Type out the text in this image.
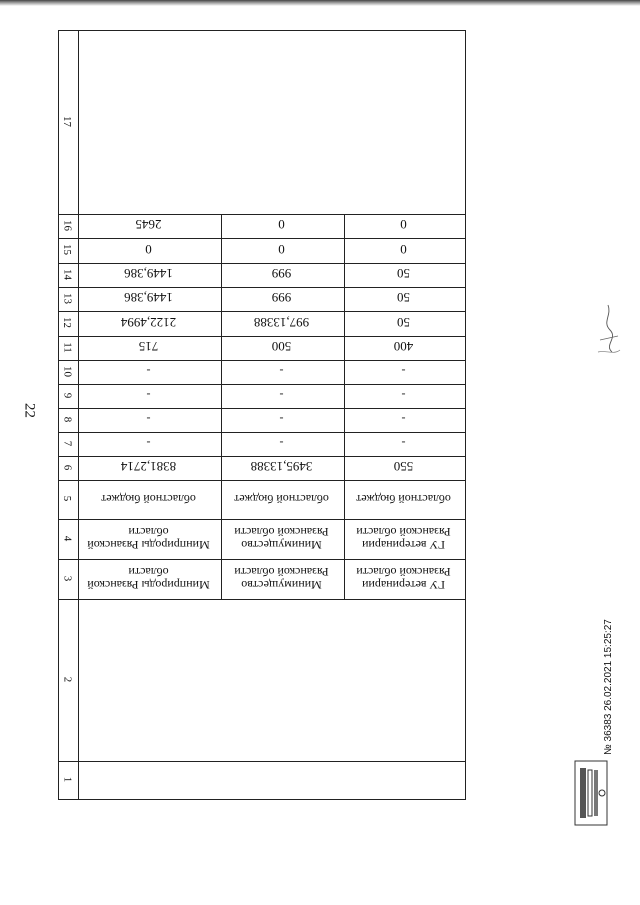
22
17
16
15
14
13
12
11
10
9
8
7
6
5
4
3
2
1
2645
0
1449,386
1449,386
2122,4994
715
-
-
-
-
8381,2714
областной бюджет
Минприроды Рязанской области
Минприроды Рязанской области
0
0
999
999
997,13388
500
-
-
-
-
3495,13388
областной бюджет
Минимущество Рязанской области
Минимущество Рязанской области
0
0
50
50
50
400
-
-
-
-
550
областной бюджет
ГУ ветеринарии Рязанской области
ГУ ветеринарии Рязанской области
№ 36383 26.02.2021 15:25:27
